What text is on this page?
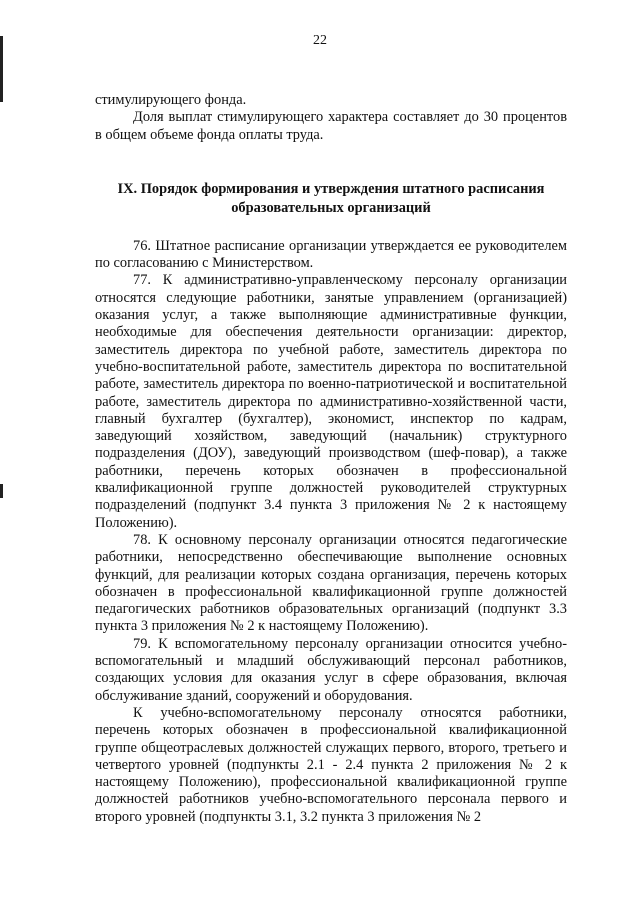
22

стимулирующего фонда.

Доля выплат стимулирующего характера составляет до 30 процентов в общем объеме фонда оплаты труда.

IX. Порядок формирования и утверждения штатного расписания
образовательных организаций

76. Штатное расписание организации утверждается ее руководителем по согласованию с Министерством.

77. К административно-управленческому персоналу организации относятся следующие работники, занятые управлением (организацией) оказания услуг, а также выполняющие административные функции, необходимые для обеспечения деятельности организации: директор, заместитель директора по учебной работе, заместитель директора по учебно-воспитательной работе, заместитель директора по воспитательной работе, заместитель директора по военно-патриотической и воспитательной работе, заместитель директора по административно-хозяйственной части, главный бухгалтер (бухгалтер), экономист, инспектор по кадрам, заведующий хозяйством, заведующий (начальник) структурного подразделения (ДОУ), заведующий производством (шеф-повар), а также работники, перечень которых обозначен в профессиональной квалификационной группе должностей руководителей структурных подразделений (подпункт 3.4 пункта 3 приложения № 2 к настоящему Положению).

78. К основному персоналу организации относятся педагогические работники, непосредственно обеспечивающие выполнение основных функций, для реализации которых создана организация, перечень которых обозначен в профессиональной квалификационной группе должностей педагогических работников образовательных организаций (подпункт 3.3 пункта 3 приложения № 2 к настоящему Положению).

79. К вспомогательному персоналу организации относится учебно-вспомогательный и младший обслуживающий персонал работников, создающих условия для оказания услуг в сфере образования, включая обслуживание зданий, сооружений и оборудования.

К учебно-вспомогательному персоналу относятся работники, перечень которых обозначен в профессиональной квалификационной группе общеотраслевых должностей служащих первого, второго, третьего и четвертого уровней (подпункты 2.1 - 2.4 пункта 2 приложения № 2 к настоящему Положению), профессиональной квалификационной группе должностей работников учебно-вспомогательного персонала первого и второго уровней (подпункты 3.1, 3.2 пункта 3 приложения № 2
